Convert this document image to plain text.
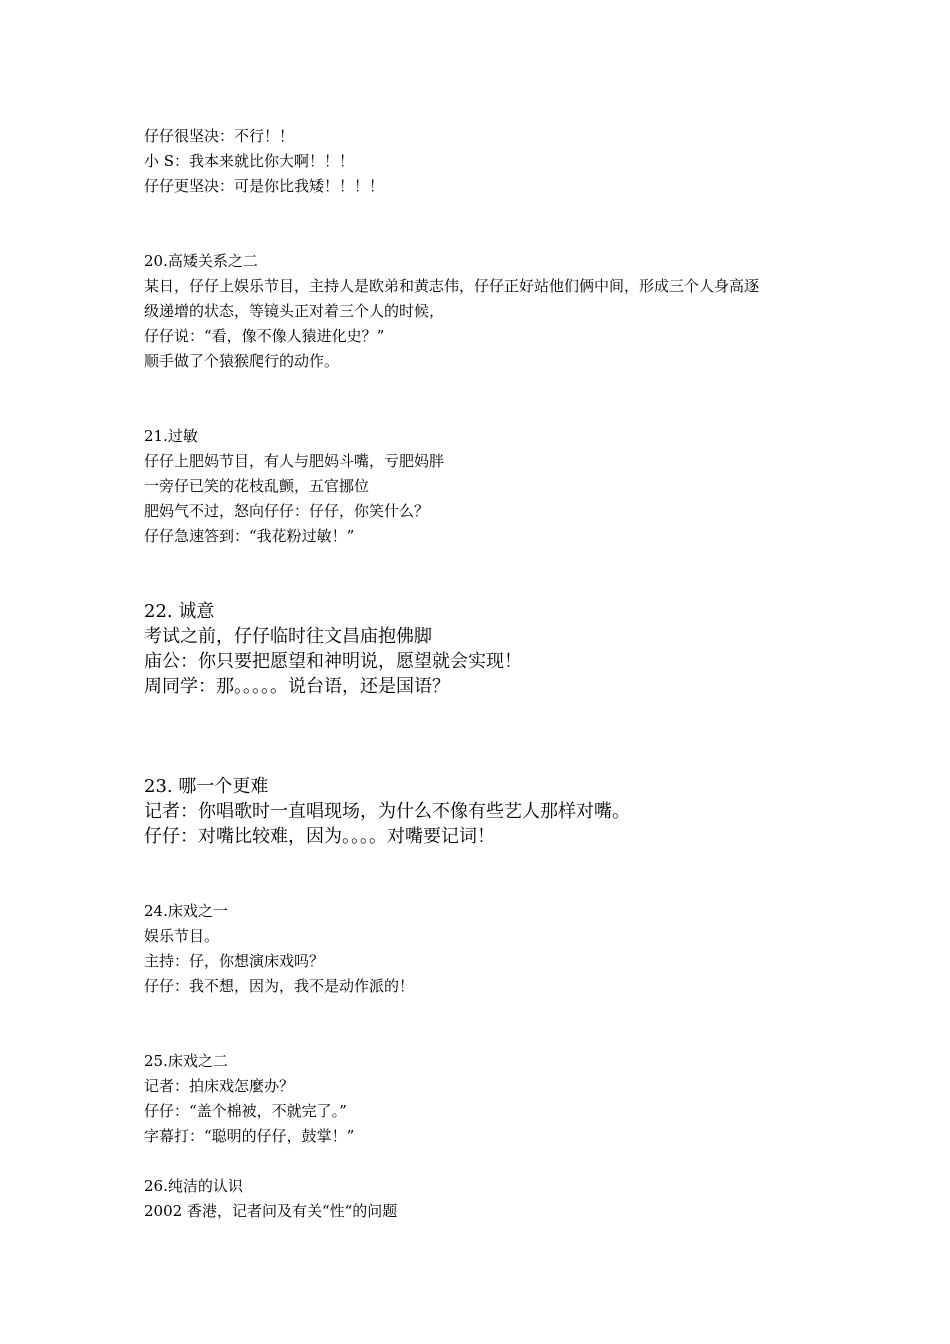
仔仔很坚决：不行！！

小 S：我本来就比你大啊！！！

仔仔更坚决：可是你比我矮！！！！

20.高矮关系之二

某日，仔仔上娱乐节目，主持人是欧弟和黄志伟，仔仔正好站他们俩中间，形成三个人身高逐

级递增的状态，等镜头正对着三个人的时候，

仔仔说：“看，像不像人猿进化史？”

顺手做了个猿猴爬行的动作。

21.过敏

仔仔上肥妈节目，有人与肥妈斗嘴，亏肥妈胖

一旁仔已笑的花枝乱颤，五官挪位

肥妈气不过，怒向仔仔：仔仔，你笑什么？

仔仔急速答到：“我花粉过敏！”

22. 诚意

考试之前，仔仔临时往文昌庙抱佛脚

庙公：你只要把愿望和神明说，愿望就会实现！

周同学：那。。。。。说台语，还是国语？

23. 哪一个更难

记者：你唱歌时一直唱现场，为什么不像有些艺人那样对嘴。

仔仔：对嘴比较难，因为。。。。对嘴要记词！

24.床戏之一

娱乐节目。

主持：仔，你想演床戏吗？

仔仔：我不想，因为，我不是动作派的！

25.床戏之二

记者：拍床戏怎麼办？

仔仔：“盖个棉被，不就完了。”

字幕打：“聪明的仔仔，鼓掌！”

26.纯洁的认识

2002 香港，记者问及有关“性“的问题
